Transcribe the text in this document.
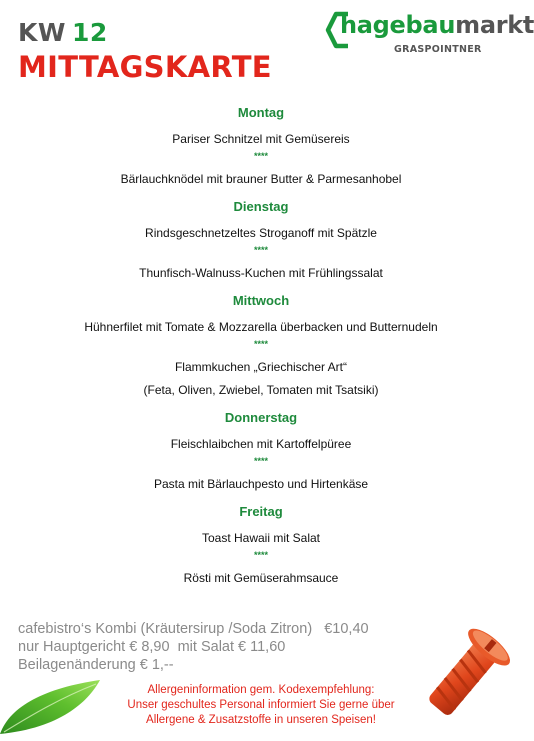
KW 12
MITTAGSKARTE
hagebaumarkt
GRASPOINTNER
Montag
Pariser Schnitzel mit Gemüsereis
****
Bärlauchknödel mit brauner Butter & Parmesanhobel
Dienstag
Rindsgeschnetzeltes Stroganoff mit Spätzle
****
Thunfisch-Walnuss-Kuchen mit Frühlingssalat
Mittwoch
Hühnerfilet mit Tomate & Mozzarella überbacken und Butternudeln
****
Flammkuchen „Griechischer Art“
(Feta, Oliven, Zwiebel, Tomaten mit Tsatsiki)
Donnerstag
Fleischlaibchen mit Kartoffelpüree
****
Pasta mit Bärlauchpesto und Hirtenkäse
Freitag
Toast Hawaii mit Salat
****
Rösti mit Gemüserahmsauce
cafebistro‘s Kombi (Kräutersirup /Soda Zitron)   €10,40
nur Hauptgericht € 8,90  mit Salat € 11,60
Beilagenänderung € 1,--
Allergeninformation gem. Kodexempfehlung:
Unser geschultes Personal informiert Sie gerne über
Allergene & Zusatzstoffe in unseren Speisen!
